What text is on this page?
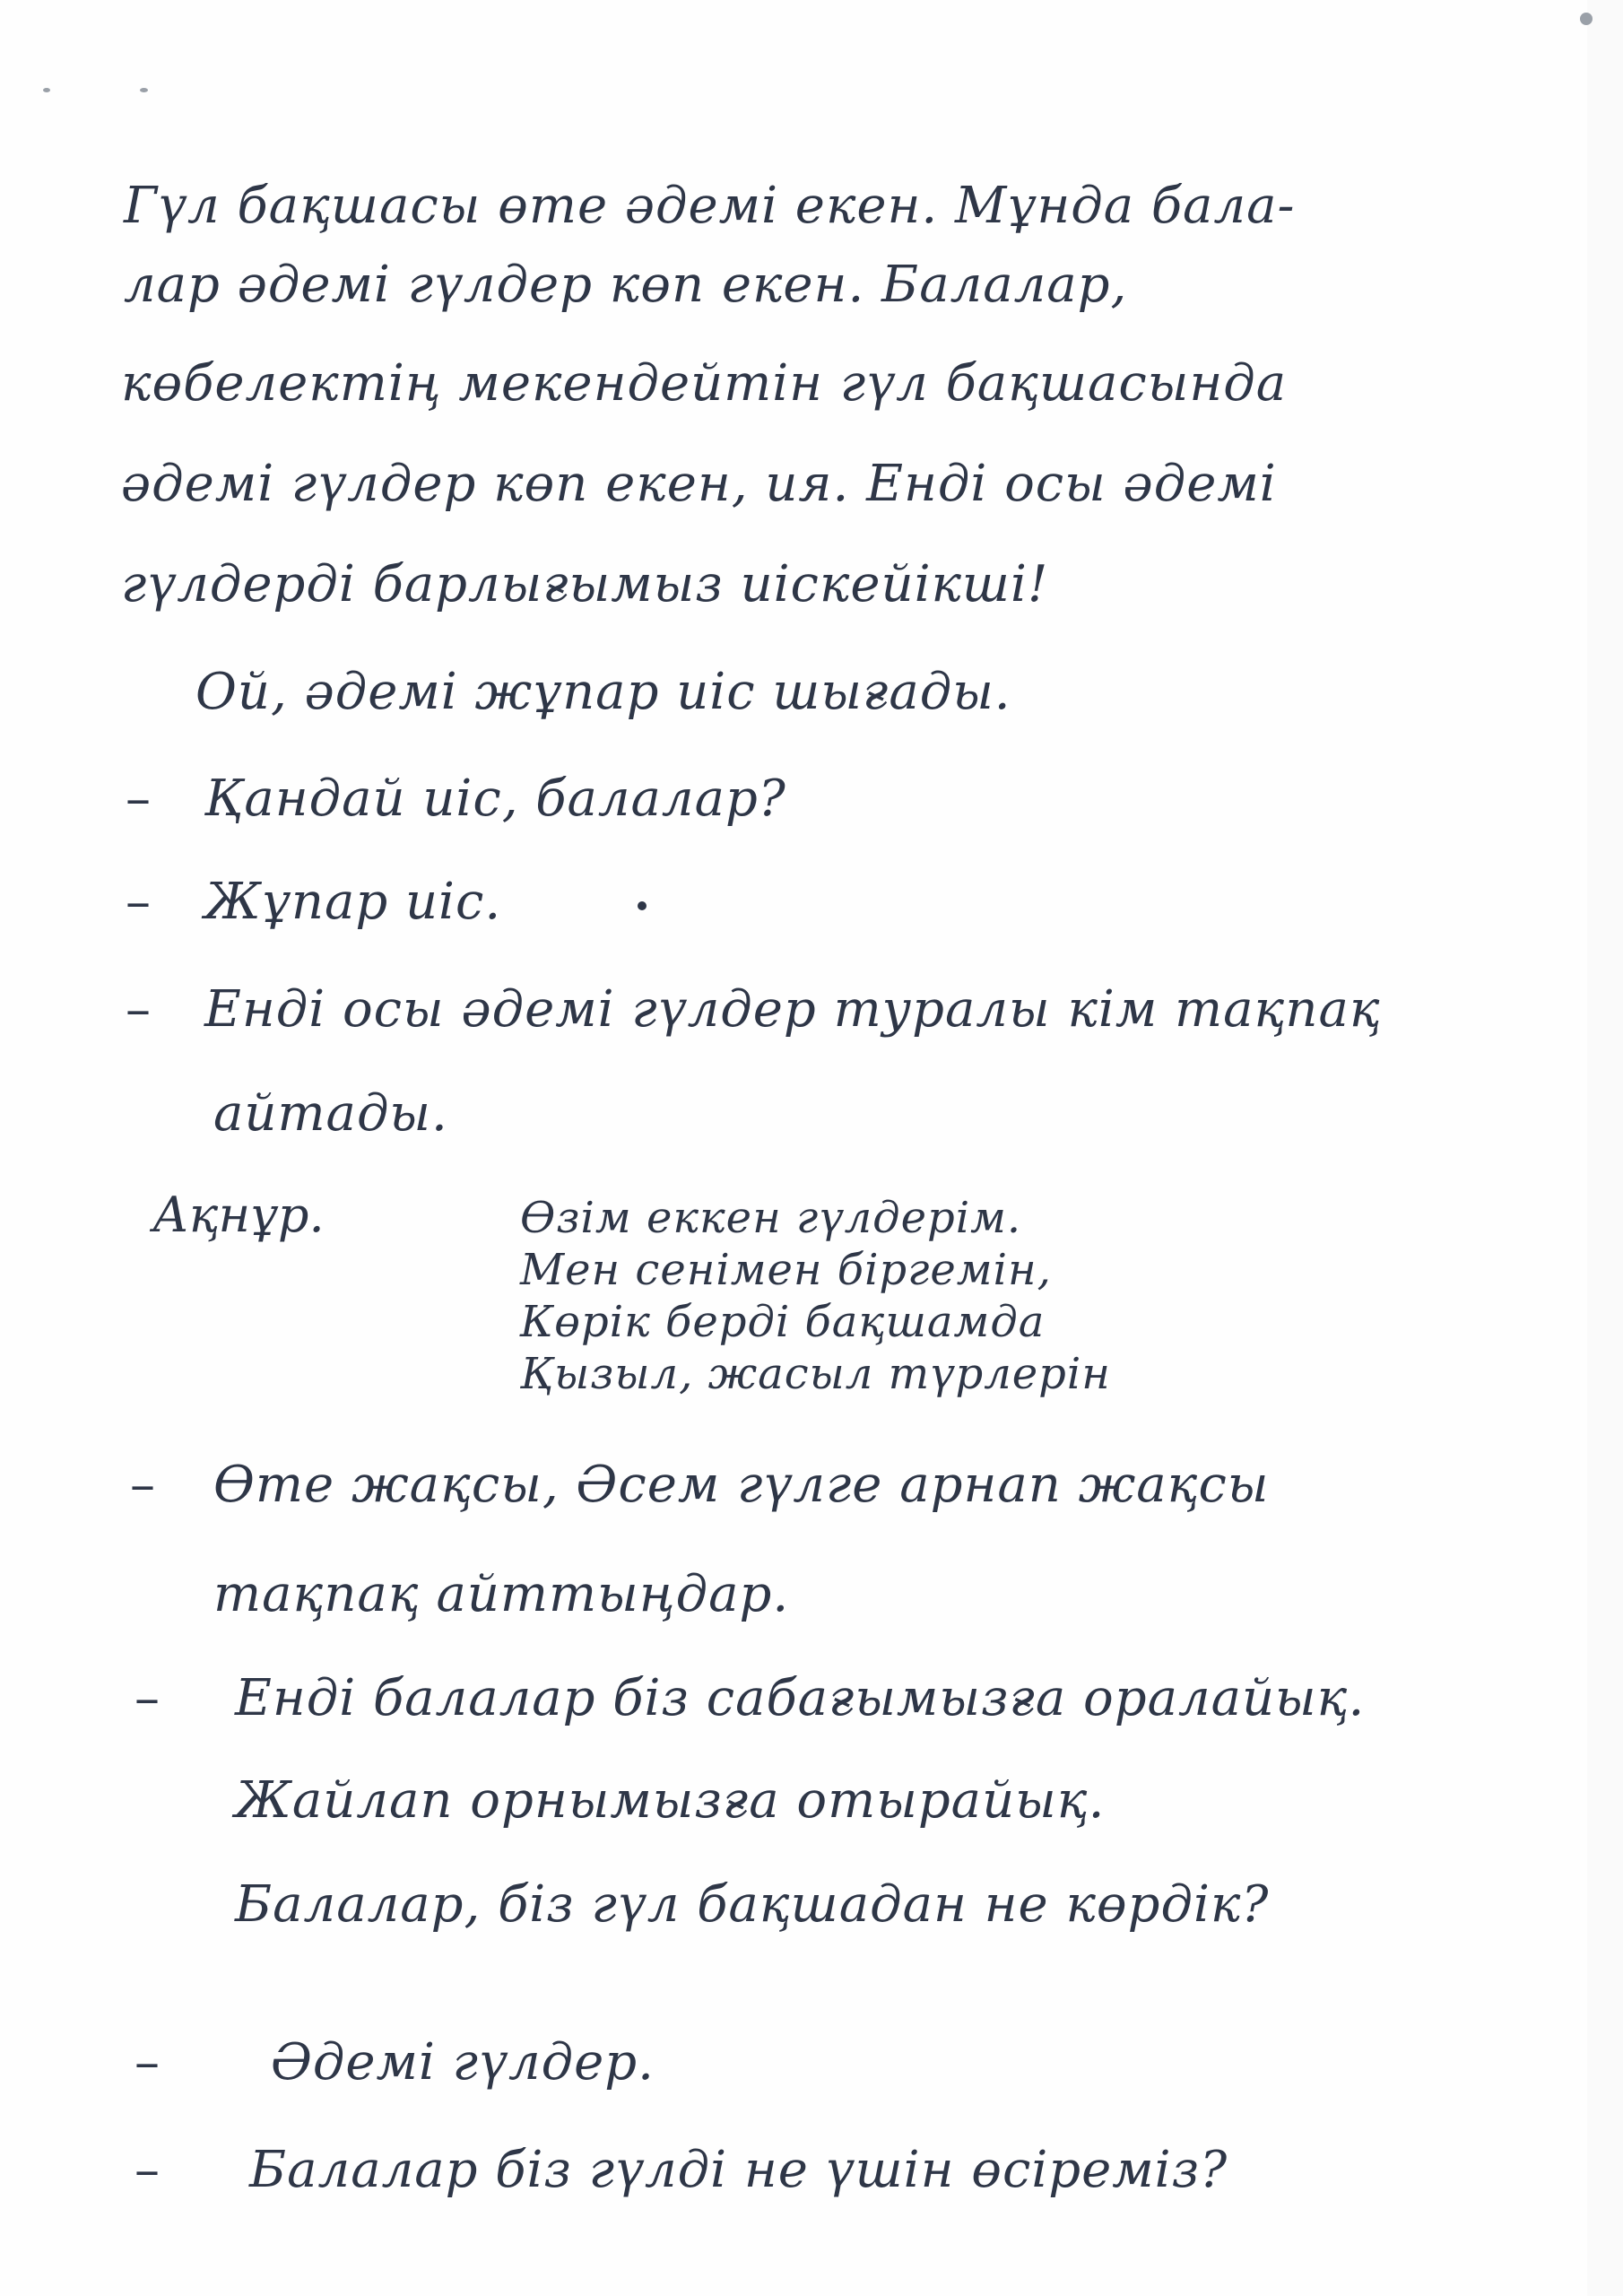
Гүл бақшасы өте әдемі екен. Мұнда бала-
лар әдемі гүлдер көп екен. Балалар,
көбелектің мекендейтін гүл бақшасында
әдемі гүлдер көп екен, ия. Енді осы әдемі
гүлдерді барлығымыз иіскейікші!
Ой, әдемі жұпар иіс шығады.
– Қандай иіс, балалар?
– Жұпар иіс.
– Енді осы әдемі гүлдер туралы кім тақпақ
айтады.
Ақнұр.	Өзім еккен гүлдерім.
Мен сенімен біргемін,
Көрік берді бақшамда
Қызыл, жасыл түрлерін
– Өте жақсы, Әсем гүлге арнап жақсы
тақпақ айттыңдар.
– Енді балалар біз сабағымызға оралайық.
Жайлап орнымызға отырайық.
Балалар, біз гүл бақшадан не көрдік?
– Әдемі гүлдер.
– Балалар біз гүлді не үшін өсіреміз?
